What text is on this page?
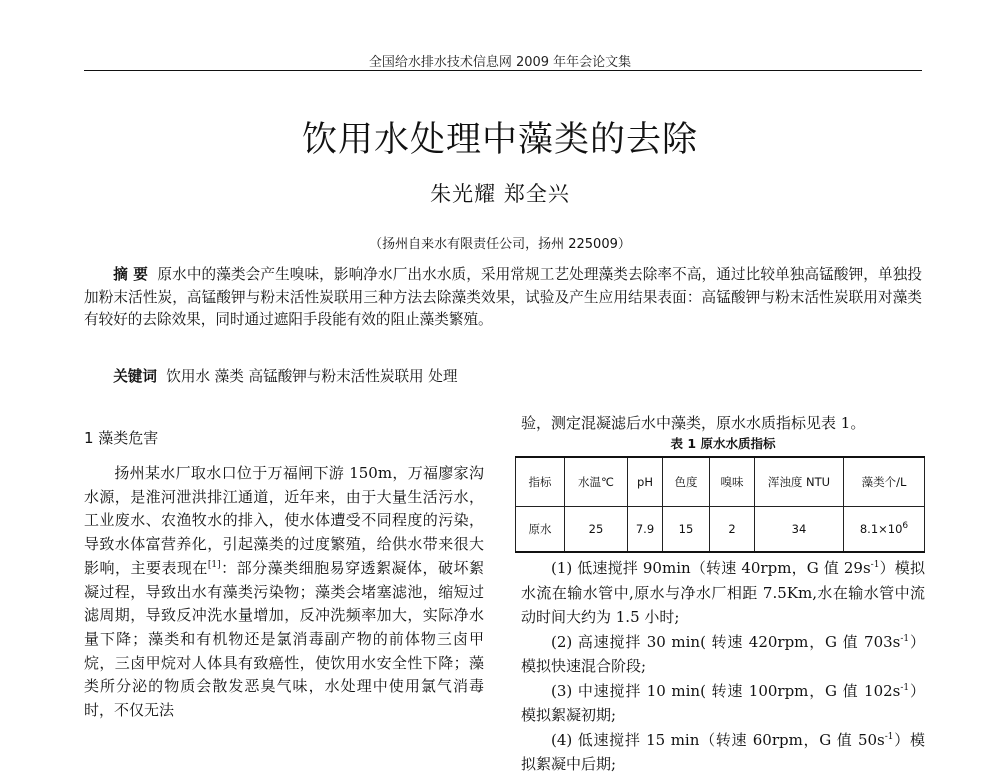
全国给水排水技术信息网 2009 年年会论文集
饮用水处理中藻类的去除
朱光耀 郑全兴
（扬州自来水有限责任公司，扬州 225009）
摘 要 原水中的藻类会产生嗅味，影响净水厂出水水质，采用常规工艺处理藻类去除率不高，通过比较单独高锰酸钾，单独投加粉末活性炭，高锰酸钾与粉末活性炭联用三种方法去除藻类效果，试验及产生应用结果表面：高锰酸钾与粉末活性炭联用对藻类有较好的去除效果，同时通过遮阳手段能有效的阻止藻类繁殖。
关键词 饮用水 藻类 高锰酸钾与粉末活性炭联用 处理
1 藻类危害
扬州某水厂取水口位于万福闸下游 150m，万福廖家沟水源，是淮河泄洪排江通道，近年来，由于大量生活污水，工业废水、农渔牧水的排入，使水体遭受不同程度的污染，导致水体富营养化，引起藻类的过度繁殖，给供水带来很大影响，主要表现在[1]：部分藻类细胞易穿透絮凝体，破坏絮凝过程，导致出水有藻类污染物；藻类会堵塞滤池，缩短过滤周期，导致反冲洗水量增加，反冲洗频率加大，实际净水量下降；藻类和有机物还是氯消毒副产物的前体物三卤甲烷，三卤甲烷对人体具有致癌性，使饮用水安全性下降；藻类所分泌的物质会散发恶臭气味，水处理中使用氯气消毒时，不仅无法
验，测定混凝滤后水中藻类，原水水质指标见表 1。
表 1 原水水质指标
指标	水温℃	pH	色度	嗅味	浑浊度 NTU	藻类个/L
原水	25	7.9	15	2	34	$8.1\times 10^6$

(1) 低速搅拌 90min（转速 40rpm，G 值 $29s^{-1}$）模拟水流在输水管中,原水与净水厂相距 7.5Km,水在输水管中流动时间大约为 1.5 小时;

(2) 高速搅拌 30 min( 转速 420rpm，G 值 $703s^{-1}$）模拟快速混合阶段;

(3) 中速搅拌 10 min( 转速 100rpm，G 值 $102s^{-1}$）模拟絮凝初期;

(4) 低速搅拌 15 min（转速 60rpm，G 值 $50s^{-1}$）模拟絮凝中后期;
